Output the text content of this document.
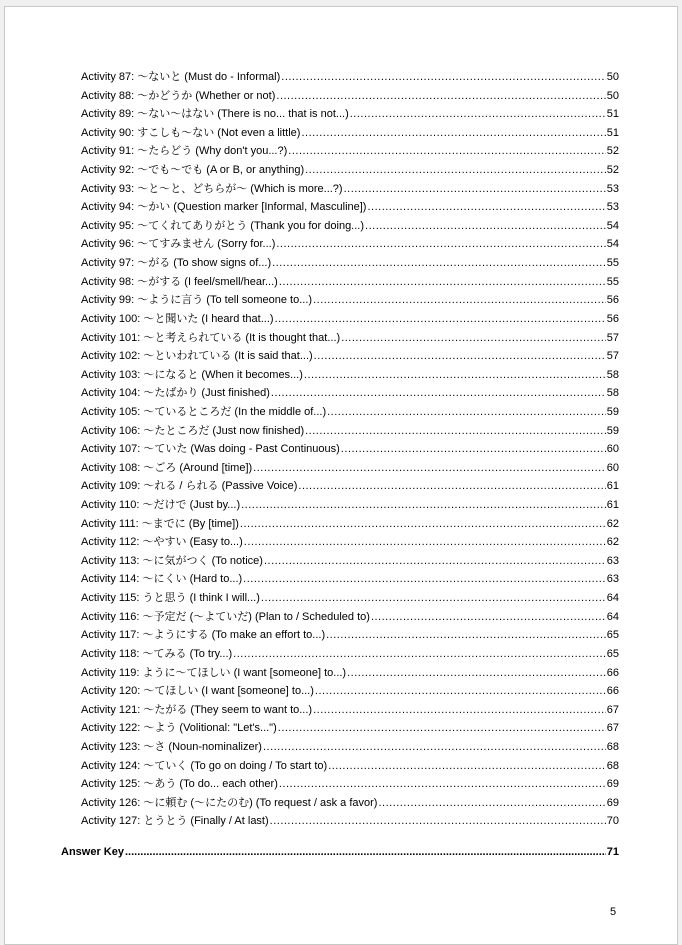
Activity 87: ～ないと (Must do - Informal) .....	50
Activity 88: ～かどうか (Whether or not) .....	50
Activity 89: ～ない～はない (There is no... that is not...) .....	51
Activity 90: すこしも～ない (Not even a little) .....	51
Activity 91: ～たらどう (Why don't you...?) .....	52
Activity 92: ～でも～でも (A or B, or anything) .....	52
Activity 93: ～と～と、どちらが～ (Which is more...?) .....	53
Activity 94: ～かい (Question marker [Informal, Masculine]) .....	53
Activity 95: ～てくれてありがとう (Thank you for doing...) .....	54
Activity 96: ～てすみません (Sorry for...) .....	54
Activity 97: ～がる (To show signs of...) .....	55
Activity 98: ～がする (I feel/smell/hear...) .....	55
Activity 99: ～ように言う (To tell someone to...) .....	56
Activity 100: ～と聞いた (I heard that...) .....	56
Activity 101: ～と考えられている (It is thought that...) .....	57
Activity 102: ～といわれている (It is said that...) .....	57
Activity 103: ～になると (When it becomes...) .....	58
Activity 104: ～たばかり (Just finished) .....	58
Activity 105: ～ているところだ (In the middle of...) .....	59
Activity 106: ～たところだ (Just now finished) .....	59
Activity 107: ～ていた (Was doing - Past Continuous) .....	60
Activity 108: ～ごろ (Around [time]) .....	60
Activity 109: ～れる / られる (Passive Voice) .....	61
Activity 110: ～だけで (Just by...) .....	61
Activity 111: ～までに (By [time]) .....	62
Activity 112: ～やすい (Easy to...) .....	62
Activity 113: ～に気がつく (To notice) .....	63
Activity 114: ～にくい (Hard to...) .....	63
Activity 115: うと思う (I think I will...) .....	64
Activity 116: ～予定だ (～よていだ) (Plan to / Scheduled to) .....	64
Activity 117: ～ようにする (To make an effort to...) .....	65
Activity 118: ～てみる (To try...) .....	65
Activity 119: ように～てほしい (I want [someone] to...) .....	66
Activity 120: ～てほしい (I want [someone] to...) .....	66
Activity 121: ～たがる (They seem to want to...) .....	67
Activity 122: ～よう (Volitional: "Let's...") .....	67
Activity 123: ～さ (Noun-nominalizer) .....	68
Activity 124: ～ていく (To go on doing / To start to) .....	68
Activity 125: ～あう (To do... each other) .....	69
Activity 126: ～に頼む (～にたのむ) (To request / ask a favor) .....	69
Activity 127: とうとう (Finally / At last) .....	70
Answer Key .....	71
5
